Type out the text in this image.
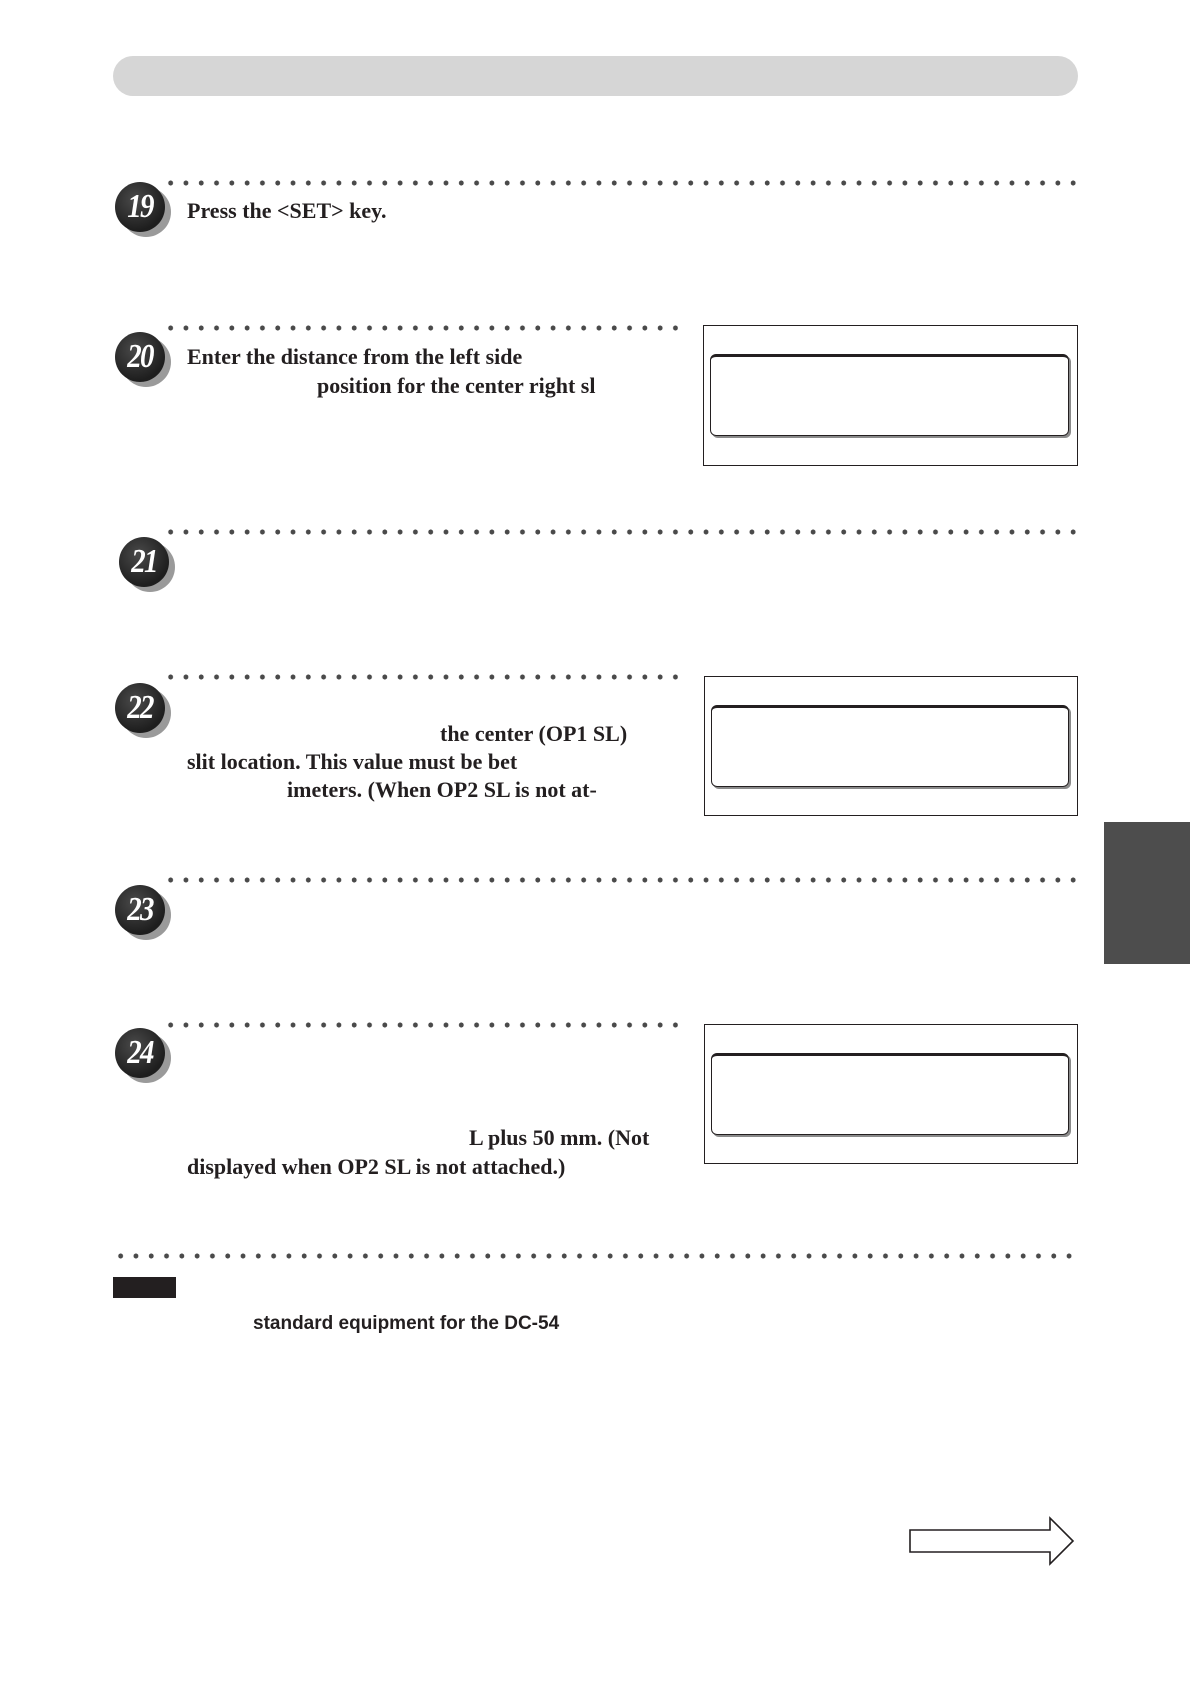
19	Press the <SET> key.
20	Enter the distance from the left side
position for the center right sl
21
22
the center (OP1 SL)
slit location. This value must be bet
imeters. (When OP2 SL is not at-
23
24
L plus 50 mm. (Not
displayed when OP2 SL is not attached.)
standard equipment for the DC-54
